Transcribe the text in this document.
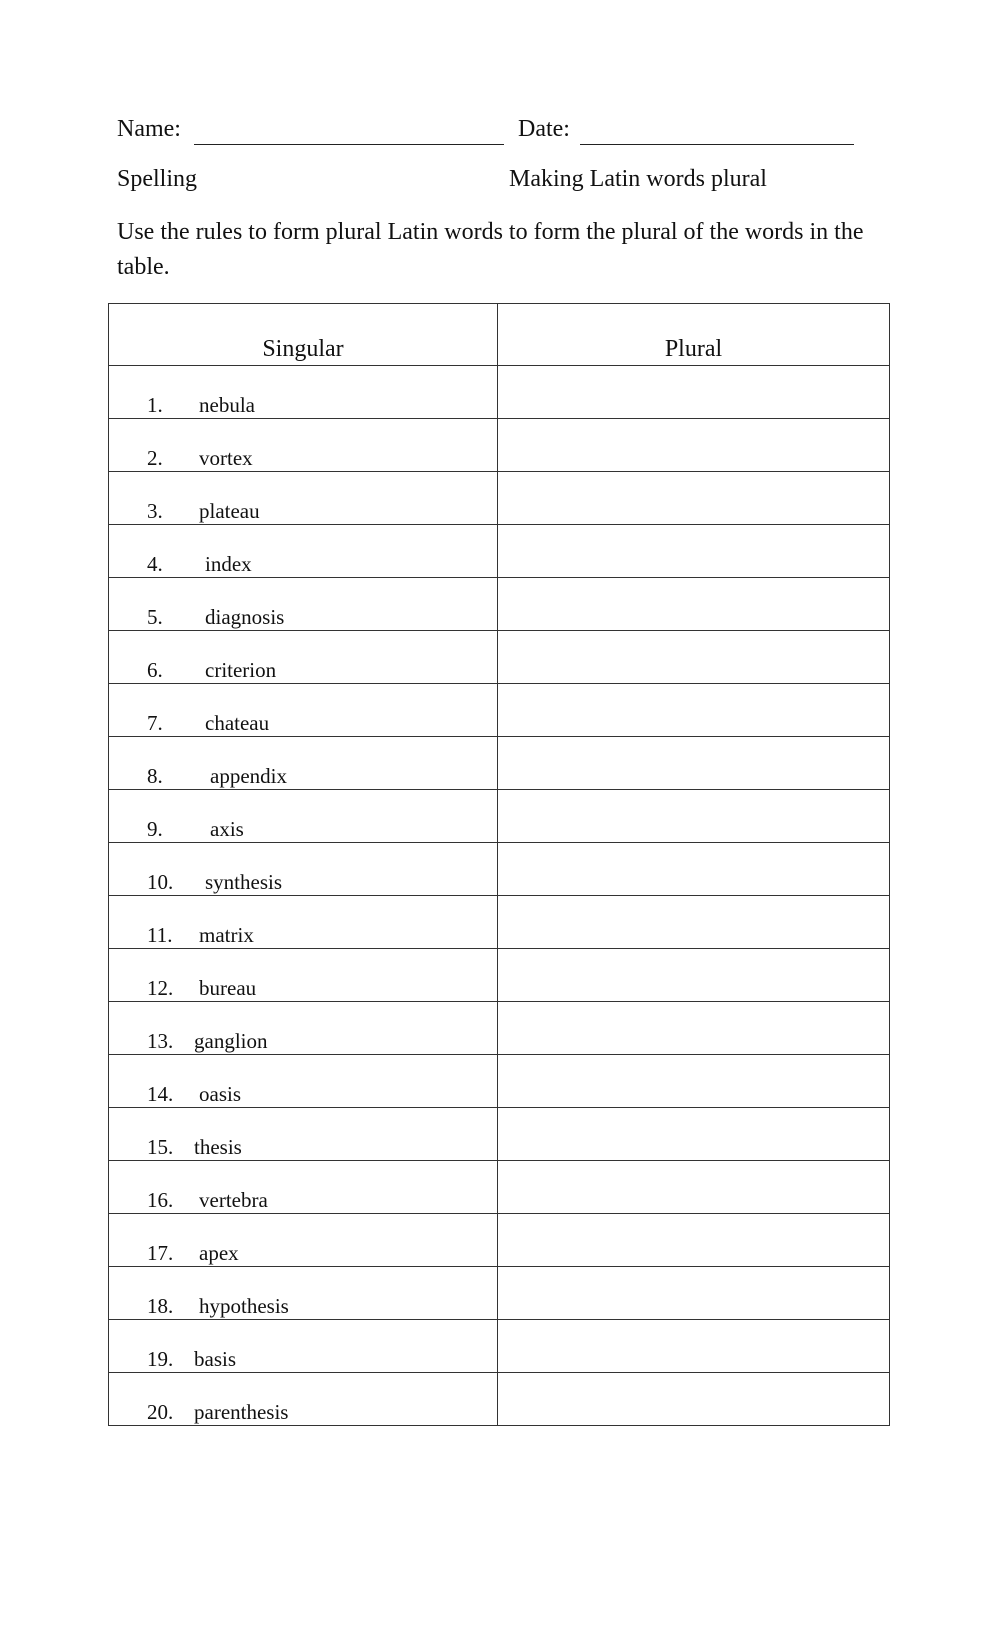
Name:	Date:
Spelling	Making Latin words plural
Use the rules to form plural Latin words to form the plural of the words in the table.
Singular	Plural

1. nebula

2. vortex

3. plateau

4. index

5. diagnosis

6. criterion

7. chateau

8. appendix

9. axis

10. synthesis

11. matrix

12. bureau

13. ganglion

14. oasis

15. thesis

16. vertebra

17. apex

18. hypothesis

19. basis

20. parenthesis
